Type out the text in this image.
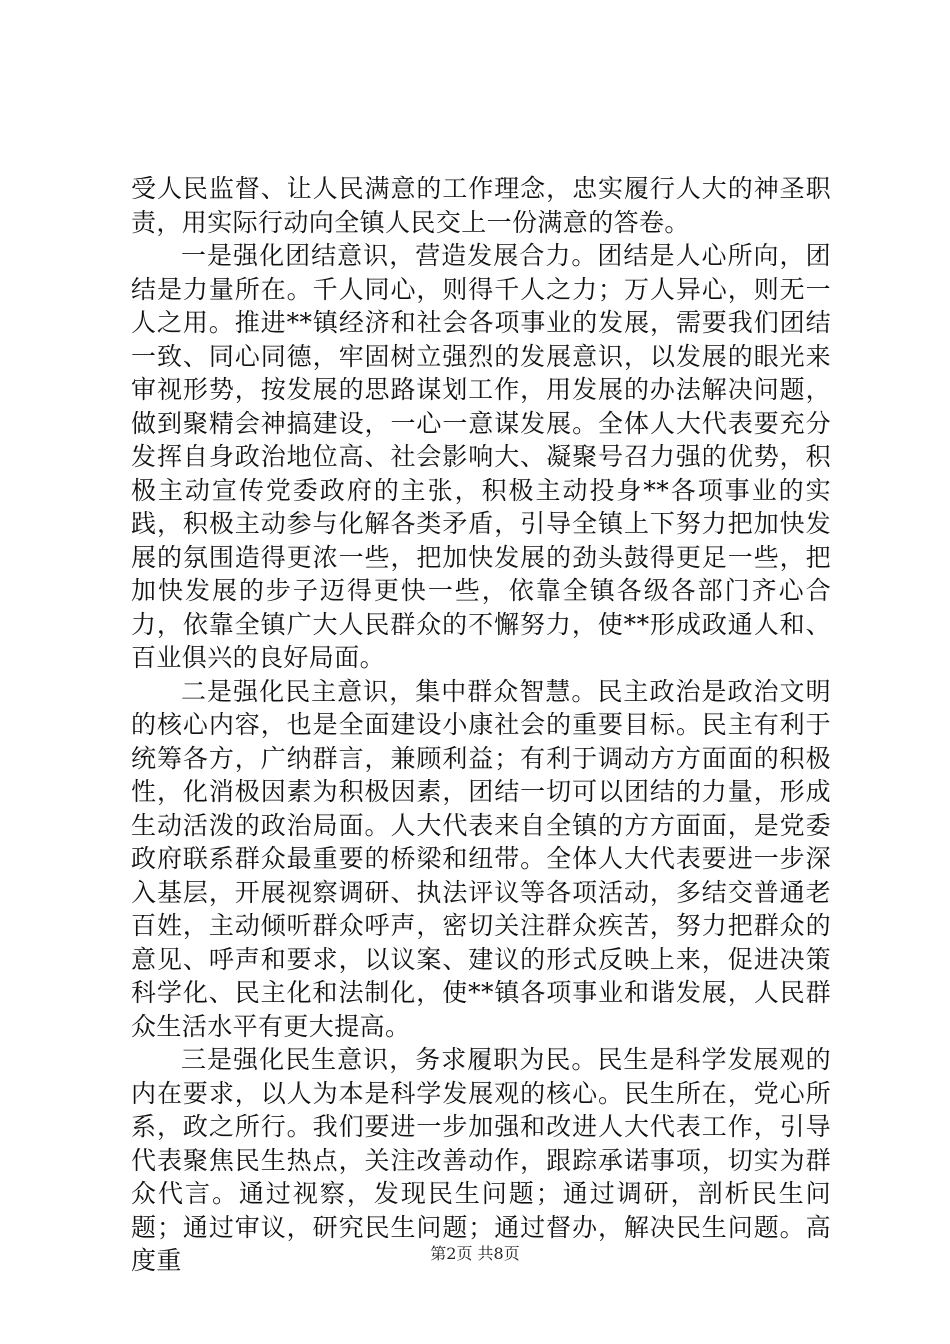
受人民监督、让人民满意的工作理念，忠实履行人大的神圣职责，用实际行动向全镇人民交上一份满意的答卷。

一是强化团结意识，营造发展合力。团结是人心所向，团结是力量所在。千人同心，则得千人之力；万人异心，则无一人之用。推进**镇经济和社会各项事业的发展，需要我们团结一致、同心同德，牢固树立强烈的发展意识，以发展的眼光来审视形势，按发展的思路谋划工作，用发展的办法解决问题，做到聚精会神搞建设，一心一意谋发展。全体人大代表要充分发挥自身政治地位高、社会影响大、凝聚号召力强的优势，积极主动宣传党委政府的主张，积极主动投身**各项事业的实践，积极主动参与化解各类矛盾，引导全镇上下努力把加快发展的氛围造得更浓一些，把加快发展的劲头鼓得更足一些，把加快发展的步子迈得更快一些，依靠全镇各级各部门齐心合力，依靠全镇广大人民群众的不懈努力，使**形成政通人和、百业俱兴的良好局面。

二是强化民主意识，集中群众智慧。民主政治是政治文明的核心内容，也是全面建设小康社会的重要目标。民主有利于统筹各方，广纳群言，兼顾利益；有利于调动方方面面的积极性，化消极因素为积极因素，团结一切可以团结的力量，形成生动活泼的政治局面。人大代表来自全镇的方方面面，是党委政府联系群众最重要的桥梁和纽带。全体人大代表要进一步深入基层，开展视察调研、执法评议等各项活动，多结交普通老百姓，主动倾听群众呼声，密切关注群众疾苦，努力把群众的意见、呼声和要求，以议案、建议的形式反映上来，促进决策科学化、民主化和法制化，使**镇各项事业和谐发展，人民群众生活水平有更大提高。

三是强化民生意识，务求履职为民。民生是科学发展观的内在要求，以人为本是科学发展观的核心。民生所在，党心所系，政之所行。我们要进一步加强和改进人大代表工作，引导代表聚焦民生热点，关注改善动作，跟踪承诺事项，切实为群众代言。通过视察，发现民生问题；通过调研，剖析民生问题；通过审议，研究民生问题；通过督办，解决民生问题。高度重	第2页 共8页
